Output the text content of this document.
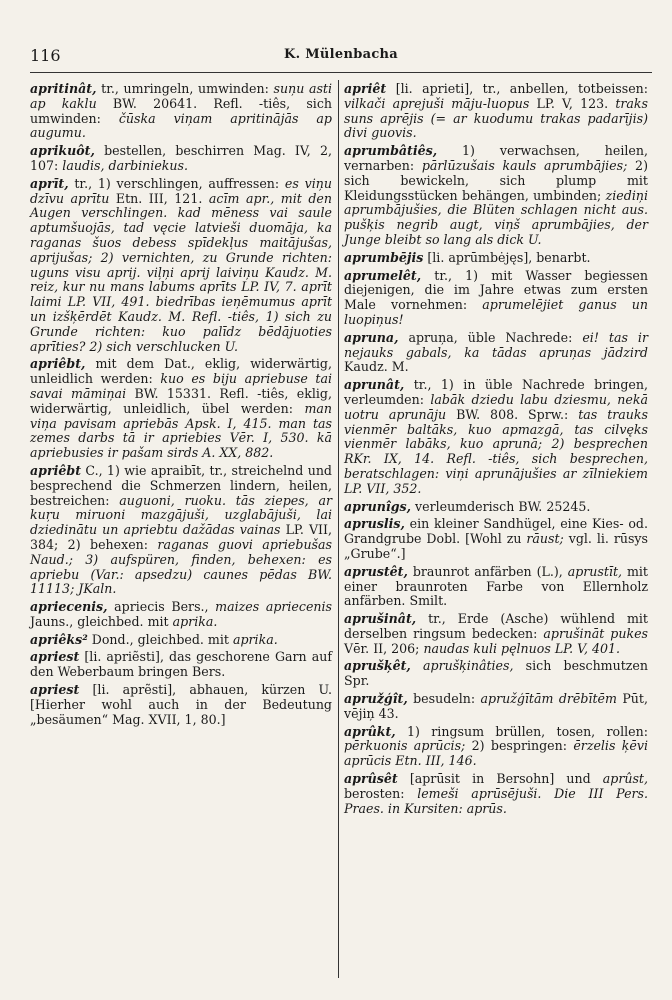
116	K. Mülenbacha

apritinât, tr., umringeln, umwinden: suņu asti ap kaklu BW. 20641. Refl. -tiês, sich umwinden: čūska viņam apritinājās ap augumu.

aprikuôt, bestellen, beschirren Mag. IV, 2, 107: laudis, darbiniekus.

aprīt, tr., 1) verschlingen, auffressen: es viņu dzīvu aprītu Etn. III, 121. acīm apr., mit den Augen verschlingen. kad mēness vai saule aptumšuojās, tad vęcie latvieši duomāja, ka raganas šuos debess spīdekļus maitājušas, aprijušas; 2) vernichten, zu Grunde richten: uguns visu aprij. viļņi aprij laiviņu Kaudz. M. reiz, kur nu mans labums aprīts LP. IV, 7. aprīt laimi LP. VII, 491. biedrības ieņēmumus aprīt un izšķērdēt Kaudz. M. Refl. -tiês, 1) sich zu Grunde richten: kuo palīdz bēdājuoties aprīties? 2) sich verschlucken U.

apriêbt, mit dem Dat., eklig, widerwärtig, unleidlich werden: kuo es biju apriebuse tai savai māmiņai BW. 15331. Refl. -tiês, eklig, widerwärtig, unleidlich, übel werden: man viņa pavisam apriebās Apsk. I, 415. man tas zemes darbs tā ir apriebies Vēr. I, 530. kā apriebusies ir pašam sirds A. XX, 882.

apriêbt C., 1) wie apraibīt, tr., streichelnd und besprechend die Schmerzen lindern, heilen, bestreichen: auguoni, ruoku. tās ziepes, ar kuŗu miruoni mazgājuši, uzglabājuši, lai dziedinātu un apriebtu dažādas vainas LP. VII, 384; 2) behexen: raganas guovi apriebušas Naud.; 3) aufspüren, finden, behexen: es apriebu (Var.: apsedzu) caunes pēdas BW. 11113; JKaln.

apriecenis, apriecis Bers., maizes apriecenis Jauns., gleichbed. mit aprika.

apriêks² Dond., gleichbed. mit aprika.

apriest [li. apriẽsti], das geschorene Garn auf den Weberbaum bringen Bers.

apriest [li. aprẽsti], abhauen, kürzen U. [Hierher wohl auch in der Bedeutung „besäumen“ Mag. XVII, 1, 80.]

apriêt [li. aprieti], tr., anbellen, totbeissen: vilkači aprejuši māju-luopus LP. V, 123. traks suns aprējis (= ar kuodumu trakas padarījis) divi guovis.

aprumbâtiês, 1) verwachsen, heilen, vernarben: pārlūzušais kauls aprumbājies; 2) sich bewickeln, sich plump mit Kleidungsstücken behängen, umbinden; ziediņi aprumbājušies, die Blüten schlagen nicht aus. pušķis negrib augt, viņš aprumbājies, der Junge bleibt so lang als dick U.

aprumbējis [li. aprūmbėjęs], benarbt.

aprumelêt, tr., 1) mit Wasser begiessen diejenigen, die im Jahre etwas zum ersten Male vornehmen: aprumelējiet ganus un luopiņus!

apruna, apruņa, üble Nachrede: ei! tas ir nejauks gabals, ka tādas apruņas jādzird Kaudz. M.

aprunât, tr., 1) in üble Nachrede bringen, verleumden: labāk dziedu labu dziesmu, nekā uotru aprunāju BW. 808. Sprw.: tas trauks vienmēr baltāks, kuo apmazgā, tas cilvęks vienmēr labāks, kuo aprunā; 2) besprechen RKr. IX, 14. Refl. -tiês, sich besprechen, beratschlagen: viņi aprunājušies ar zīlniekiem LP. VII, 352.

aprunîgs, verleumderisch BW. 25245.

apruslis, ein kleiner Sandhügel, eine Kies- od. Grandgrube Dobl. [Wohl zu rāust; vgl. li. rūsys „Grube“.]

aprustêt, braunrot anfärben (L.), aprustīt, mit einer braunroten Farbe von Ellernholz anfärben. Smilt.

aprušinât, tr., Erde (Asche) wühlend mit derselben ringsum bedecken: aprušināt pukes Vēr. II, 206; naudas kuli pęlnuos LP. V, 401.

aprušķêt, aprušķinâties, sich beschmutzen Spr.

apružģît, besudeln: apružģītām drēbītēm Pūt, vējiņ 43.

aprûkt, 1) ringsum brüllen, tosen, rollen: pērkuonis aprūcis; 2) bespringen: ērzelis ķēvi aprūcis Etn. III, 146.

aprûsêt [aprūsit in Bersohn] und aprûst, berosten: lemeši aprūsējuši. Die III Pers. Praes. in Kursiten: aprūs.
